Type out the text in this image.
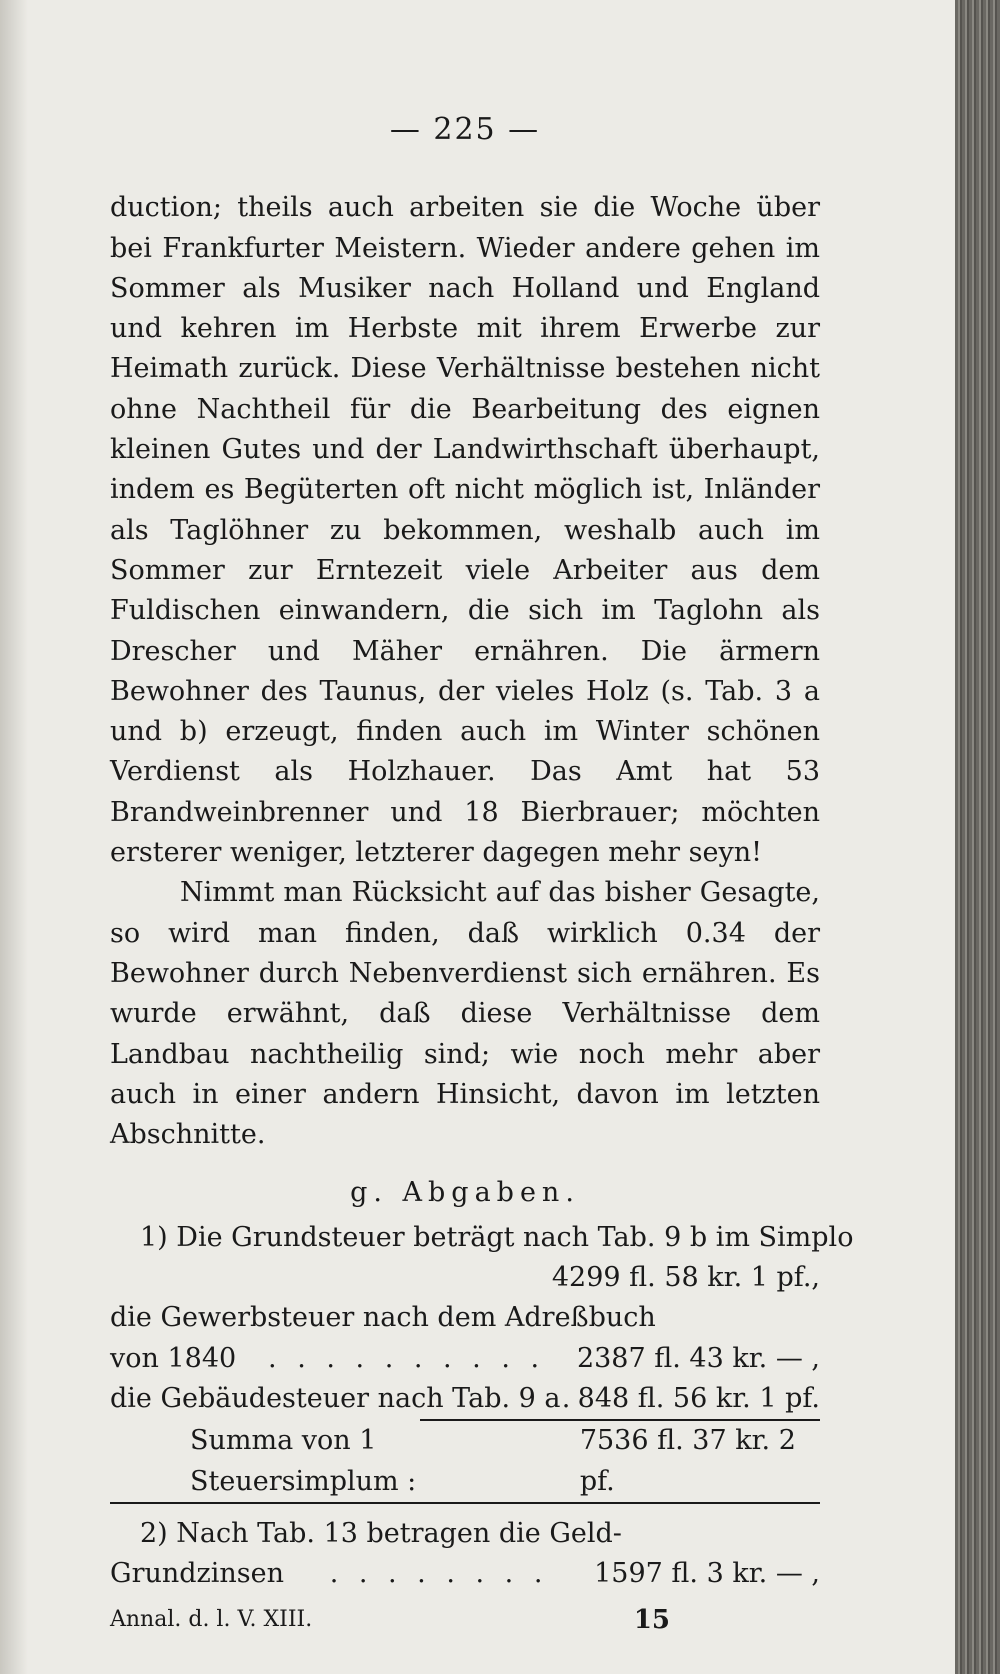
— 225 —

duction; theils auch arbeiten sie die Woche über bei Frankfurter Meistern. Wieder andere gehen im Sommer als Musiker nach Holland und England und kehren im Herbste mit ihrem Erwerbe zur Heimath zurück. Diese Verhältnisse bestehen nicht ohne Nachtheil für die Bearbeitung des eignen kleinen Gutes und der Landwirthschaft überhaupt, indem es Begüterten oft nicht möglich ist, Inländer als Taglöhner zu bekommen, weshalb auch im Sommer zur Erntezeit viele Arbeiter aus dem Fuldischen einwandern, die sich im Taglohn als Drescher und Mäher ernähren. Die ärmern Bewohner des Taunus, der vieles Holz (s. Tab. 3 a und b) erzeugt, finden auch im Winter schönen Verdienst als Holzhauer. Das Amt hat 53 Brandweinbrenner und 18 Bierbrauer; möchten ersterer weniger, letzterer dagegen mehr seyn!

Nimmt man Rücksicht auf das bisher Gesagte, so wird man finden, daß wirklich 0.34 der Bewohner durch Nebenverdienst sich ernähren. Es wurde erwähnt, daß diese Verhältnisse dem Landbau nachtheilig sind; wie noch mehr aber auch in einer andern Hinsicht, davon im letzten Abschnitte.

g. Abgaben.
1) Die Grundsteuer beträgt nach Tab. 9 b im Simplo
4299 fl. 58 kr. 1 pf.,
die Gewerbsteuer nach dem Adreßbuch
von 1840	. . . . . . . . . .	2387 fl. 43 kr. — ,
die Gebäudesteuer nach Tab. 9 a . 848 fl. 56 kr. 1 pf.
Summa von 1 Steuersimplum :
7536 fl. 37 kr. 2 pf.
2) Nach Tab. 13 betragen die Geld-
Grundzinsen	. . . . . . . .	1597 fl. 3 kr. — ,
Annal. d. l. V. XIII.	15
